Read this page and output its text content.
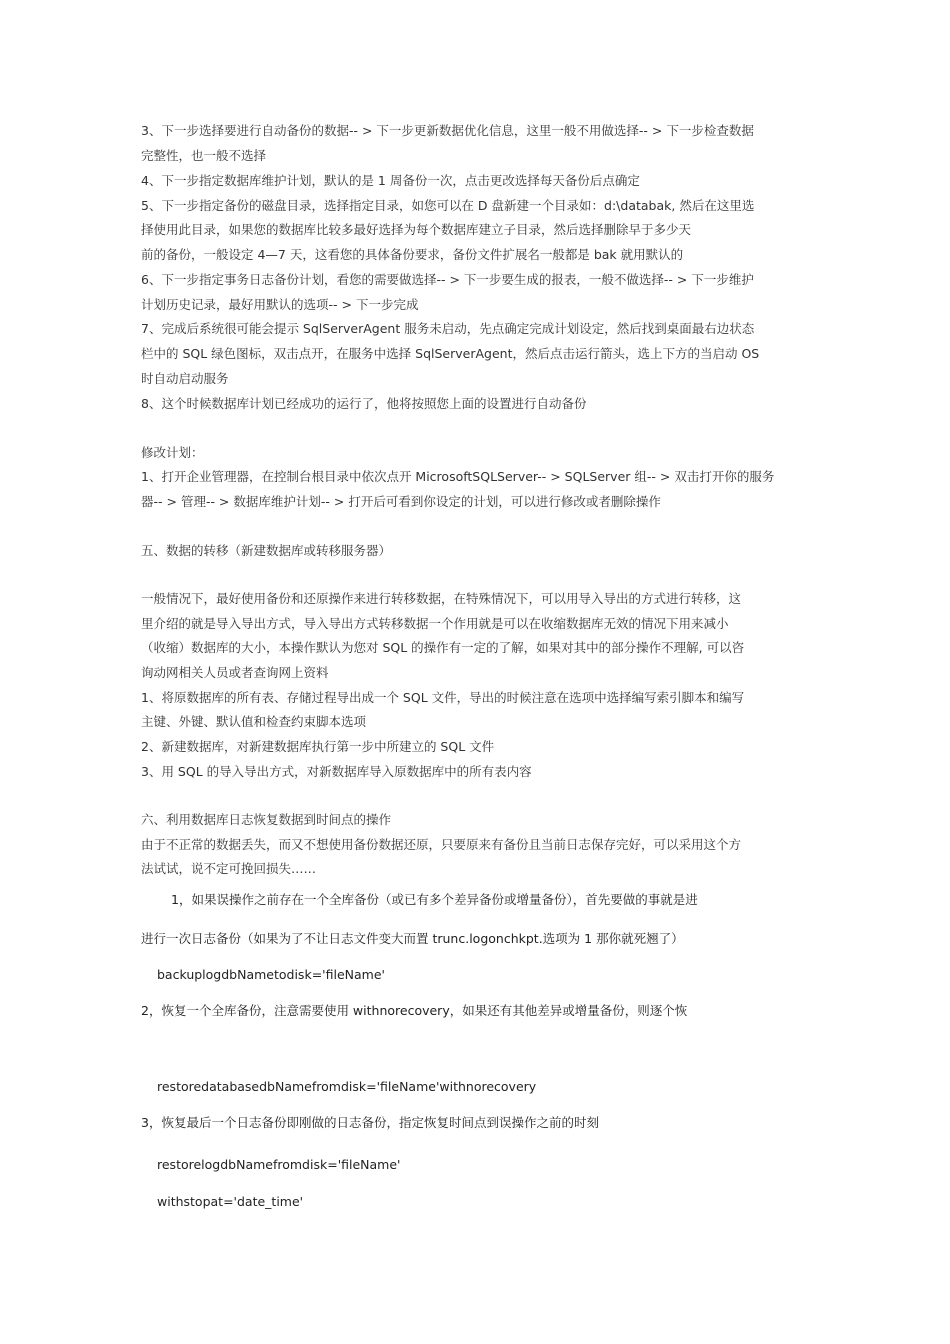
3、下一步选择要进行自动备份的数据-- > 下一步更新数据优化信息，这里一般不用做选择-- > 下一步检查数据

完整性，也一般不选择

4、下一步指定数据库维护计划，默认的是 1 周备份一次，点击更改选择每天备份后点确定

5、下一步指定备份的磁盘目录，选择指定目录，如您可以在 D 盘新建一个目录如：d:\databak, 然后在这里选

择使用此目录，如果您的数据库比较多最好选择为每个数据库建立子目录，然后选择删除早于多少天

前的备份，一般设定 4—7 天，这看您的具体备份要求，备份文件扩展名一般都是 bak 就用默认的

6、下一步指定事务日志备份计划，看您的需要做选择-- > 下一步要生成的报表，一般不做选择-- > 下一步维护

计划历史记录，最好用默认的选项-- > 下一步完成

7、完成后系统很可能会提示 SqlServerAgent 服务未启动，先点确定完成计划设定，然后找到桌面最右边状态

栏中的 SQL 绿色图标，双击点开，在服务中选择 SqlServerAgent，然后点击运行箭头，选上下方的当启动 OS

时自动启动服务

8、这个时候数据库计划已经成功的运行了，他将按照您上面的设置进行自动备份

修改计划：

1、打开企业管理器，在控制台根目录中依次点开 MicrosoftSQLServer-- > SQLServer 组-- > 双击打开你的服务

器-- > 管理-- > 数据库维护计划-- > 打开后可看到你设定的计划，可以进行修改或者删除操作

五、数据的转移（新建数据库或转移服务器）

一般情况下，最好使用备份和还原操作来进行转移数据，在特殊情况下，可以用导入导出的方式进行转移，这

里介绍的就是导入导出方式，导入导出方式转移数据一个作用就是可以在收缩数据库无效的情况下用来减小

（收缩）数据库的大小，本操作默认为您对 SQL 的操作有一定的了解，如果对其中的部分操作不理解, 可以咨

询动网相关人员或者查询网上资料

1、将原数据库的所有表、存储过程导出成一个 SQL 文件，导出的时候注意在选项中选择编写索引脚本和编写

主键、外键、默认值和检查约束脚本选项

2、新建数据库，对新建数据库执行第一步中所建立的 SQL 文件

3、用 SQL 的导入导出方式，对新数据库导入原数据库中的所有表内容

六、利用数据库日志恢复数据到时间点的操作

由于不正常的数据丢失，而又不想使用备份数据还原，只要原来有备份且当前日志保存完好，可以采用这个方

法试试，说不定可挽回损失……

1，如果误操作之前存在一个全库备份（或已有多个差异备份或增量备份），首先要做的事就是进

进行一次日志备份（如果为了不让日志文件变大而置 trunc.logonchkpt.选项为 1 那你就死翘了）

backuplogdbNametodisk='fileName'

2，恢复一个全库备份，注意需要使用 withnorecovery，如果还有其他差异或增量备份，则逐个恢

restoredatabasedbNamefromdisk='fileName'withnorecovery

3，恢复最后一个日志备份即刚做的日志备份，指定恢复时间点到误操作之前的时刻

restorelogdbNamefromdisk='fileName'

withstopat='date_time'
